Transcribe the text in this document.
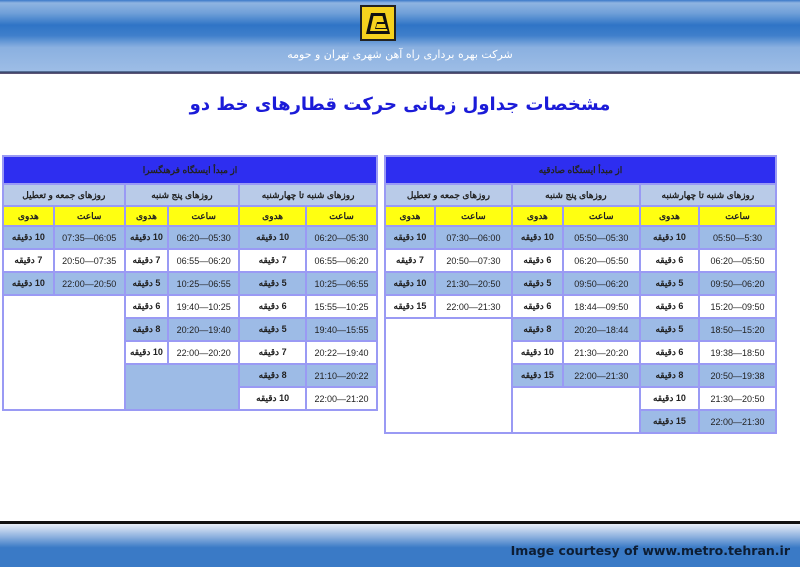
شرکت بهره برداری راه آهن شهری تهران و حومه
مشخصات جداول زمانی حرکت قطارهای خط دو
از مبدأ ایستگاه صادقیه					
روزهای شنبه تا چهارشنبه		روزهای پنج شنبه		روزهای جمعه و تعطیل	
ساعت	هدوی	ساعت	هدوی	ساعت	هدوی
5:30—05:50	10 دقیقه	05:30—05:50	10 دقیقه	06:00—07:30	10 دقیقه
05:50—06:20	6 دقیقه	05:50—06:20	6 دقیقه	07:30—20:50	7 دقیقه
06:20—09:50	5 دقیقه	06:20—09:50	5 دقیقه	20:50—21:30	10 دقیقه
09:50—15:20	6 دقیقه	09:50—18:44	6 دقیقه	21:30—22:00	15 دقیقه
15:20—18:50	5 دقیقه	18:44—20:20	8 دقیقه		
18:50—19:38	6 دقیقه	20:20—21:30	10 دقیقه		
19:38—20:50	8 دقیقه	21:30—22:00	15 دقیقه		
20:50—21:30	10 دقیقه				
21:30—22:00	15 دقیقه				
از مبدأ ایستگاه فرهنگسرا					
روزهای شنبه تا چهارشنبه		روزهای پنج شنبه		روزهای جمعه و تعطیل	
ساعت	هدوی	ساعت	هدوی	ساعت	هدوی
05:30—06:20	10 دقیقه	05:30—06:20	10 دقیقه	06:05—07:35	10 دقیقه
06:20—06:55	7 دقیقه	06:20—06:55	7 دقیقه	07:35—20:50	7 دقیقه
06:55—10:25	5 دقیقه	06:55—10:25	5 دقیقه	20:50—22:00	10 دقیقه
10:25—15:55	6 دقیقه	10:25—19:40	6 دقیقه		
15:55—19:40	5 دقیقه	19:40—20:20	8 دقیقه		
19:40—20:22	7 دقیقه	20:20—22:00	10 دقیقه		
20:22—21:10	8 دقیقه				
21:20—22:00	10 دقیقه				
Image courtesy of www.metro.tehran.ir
